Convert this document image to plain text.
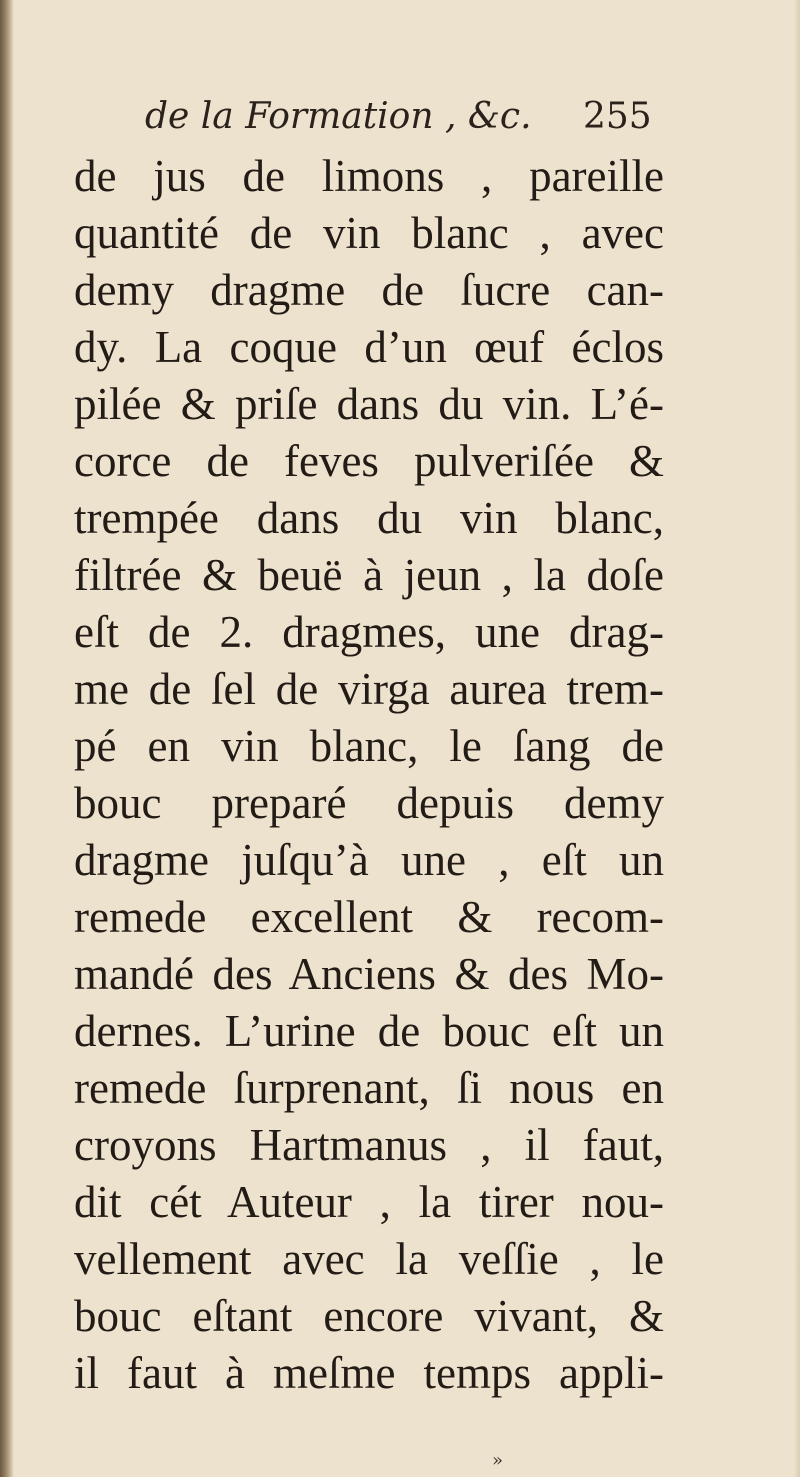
de la Formation , &c. 255
de jus de limons , pareille
quantité de vin blanc , avec
demy dragme de ſucre can-
dy. La coque d’un œuf éclos
pilée & priſe dans du vin. L’é-
corce de feves pulveriſée &
trempée dans du vin blanc,
filtrée & beuë à jeun , la doſe
eſt de 2. dragmes, une drag-
me de ſel de virga aurea trem-
pé en vin blanc, le ſang de
bouc preparé depuis demy
dragme juſqu’à une , eſt un
remede excellent & recom-
mandé des Anciens & des Mo-
dernes. L’urine de bouc eſt un
remede ſurprenant, ſi nous en
croyons Hartmanus , il faut,
dit cét Auteur , la tirer nou-
vellement avec la veſſie , le
bouc eſtant encore vivant, &
il faut à meſme temps appli-
»
